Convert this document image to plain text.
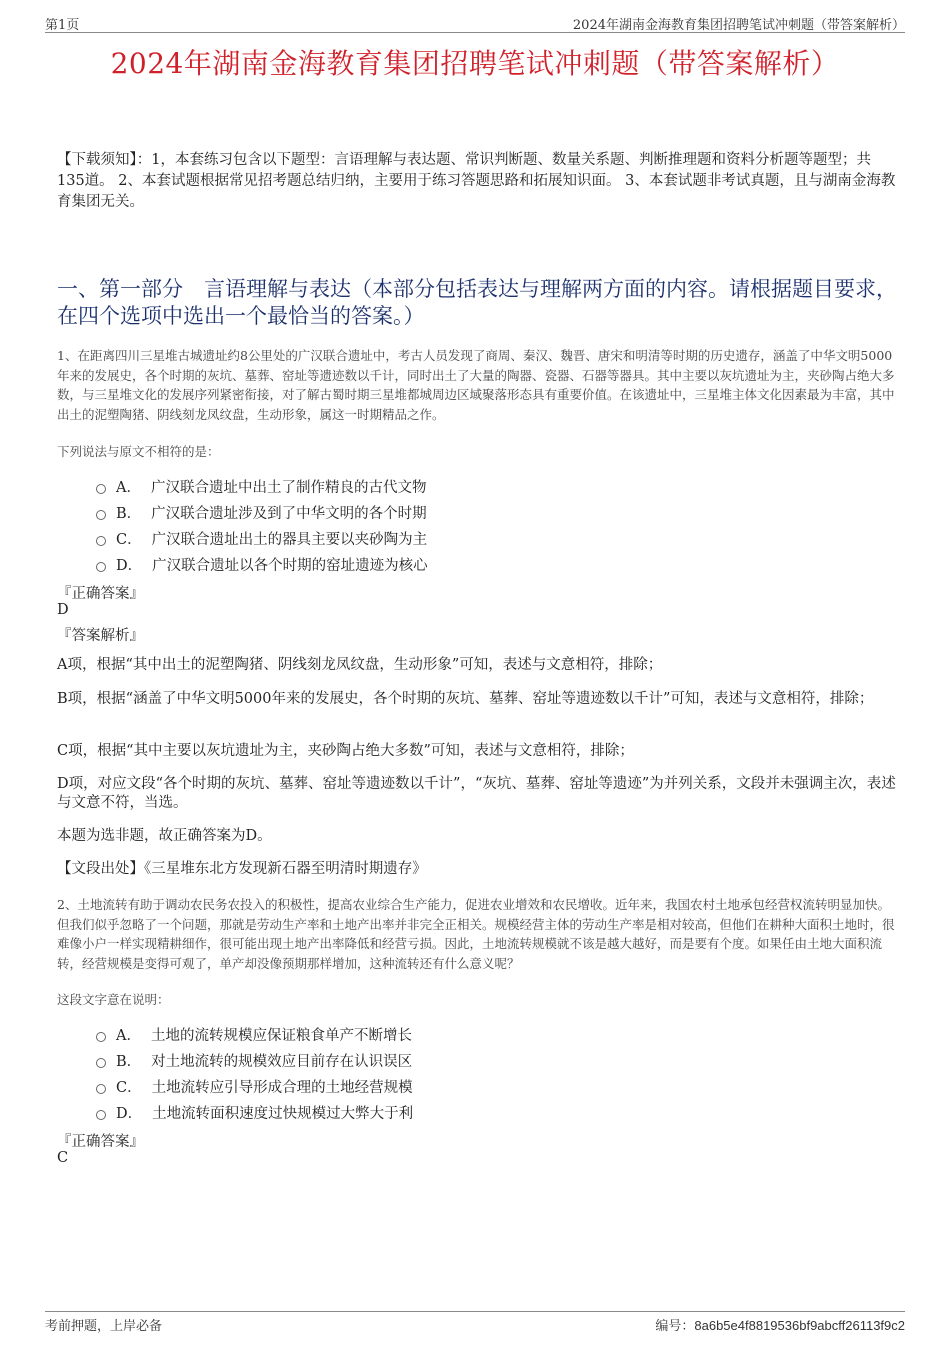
第1页	2024年湖南金海教育集团招聘笔试冲刺题（带答案解析）
2024年湖南金海教育集团招聘笔试冲刺题（带答案解析）
【下载须知】：1，本套练习包含以下题型：言语理解与表达题、常识判断题、数量关系题、判断推理题和资料分析题等题型；共135道。 2、本套试题根据常见招考题总结归纳，主要用于练习答题思路和拓展知识面。 3、本套试题非考试真题，且与湖南金海教育集团无关。
一、第一部分　言语理解与表达（本部分包括表达与理解两方面的内容。请根据题目要求，在四个选项中选出一个最恰当的答案。）
1、在距离四川三星堆古城遗址约8公里处的广汉联合遗址中，考古人员发现了商周、秦汉、魏晋、唐宋和明清等时期的历史遗存，涵盖了中华文明5000年来的发展史，各个时期的灰坑、墓葬、窑址等遗迹数以千计，同时出土了大量的陶器、瓷器、石器等器具。其中主要以灰坑遗址为主，夹砂陶占绝大多数，与三星堆文化的发展序列紧密衔接，对了解古蜀时期三星堆都城周边区域聚落形态具有重要价值。在该遗址中，三星堆主体文化因素最为丰富，其中出土的泥塑陶猪、阴线刻龙凤纹盘，生动形象，属这一时期精品之作。
下列说法与原文不相符的是：
A． 广汉联合遗址中出土了制作精良的古代文物
B． 广汉联合遗址涉及到了中华文明的各个时期
C． 广汉联合遗址出土的器具主要以夹砂陶为主
D． 广汉联合遗址以各个时期的窑址遗迹为核心
『正确答案』
D
『答案解析』
A项，根据“其中出土的泥塑陶猪、阴线刻龙凤纹盘，生动形象”可知，表述与文意相符，排除；
B项，根据“涵盖了中华文明5000年来的发展史，各个时期的灰坑、墓葬、窑址等遗迹数以千计”可知，表述与文意相符，排除；
C项，根据“其中主要以灰坑遗址为主，夹砂陶占绝大多数”可知，表述与文意相符，排除；
D项，对应文段“各个时期的灰坑、墓葬、窑址等遗迹数以千计”，“灰坑、墓葬、窑址等遗迹”为并列关系，文段并未强调主次，表述与文意不符，当选。
本题为选非题，故正确答案为D。
【文段出处】《三星堆东北方发现新石器至明清时期遗存》
2、土地流转有助于调动农民务农投入的积极性，提高农业综合生产能力，促进农业增效和农民增收。近年来，我国农村土地承包经营权流转明显加快。但我们似乎忽略了一个问题，那就是劳动生产率和土地产出率并非完全正相关。规模经营主体的劳动生产率是相对较高，但他们在耕种大面积土地时，很难像小户一样实现精耕细作，很可能出现土地产出率降低和经营亏损。因此，土地流转规模就不该是越大越好，而是要有个度。如果任由土地大面积流转，经营规模是变得可观了，单产却没像预期那样增加，这种流转还有什么意义呢？
这段文字意在说明：
A． 土地的流转规模应保证粮食单产不断增长
B． 对土地流转的规模效应目前存在认识误区
C． 土地流转应引导形成合理的土地经营规模
D． 土地流转面积速度过快规模过大弊大于利
『正确答案』
C
考前押题，上岸必备	编号：8a6b5e4f8819536bf9abcff26113f9c2
